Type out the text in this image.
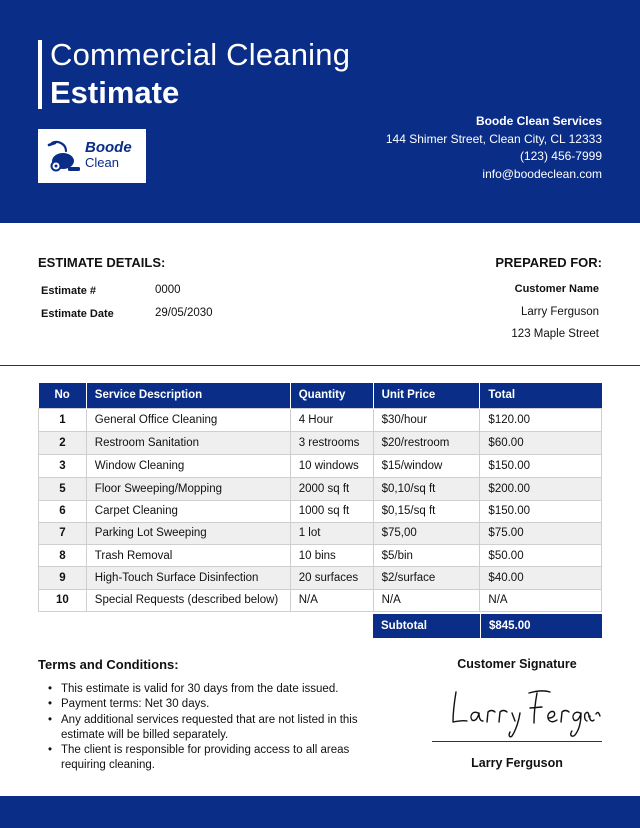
Commercial Cleaning
Estimate
Boode
Clean
Boode Clean Services
144 Shimer Street, Clean City, CL 12333
(123) 456-7999
info@boodeclean.com
ESTIMATE DETAILS:
Estimate #	0000
Estimate Date	29/05/2030
PREPARED FOR:
Customer Name
Larry Ferguson
123 Maple Street
No	Service Description	Quantity	Unit Price	Total
1	General Office Cleaning	4 Hour	$30/hour	$120.00
2	Restroom Sanitation	3 restrooms	$20/restroom	$60.00
3	Window Cleaning	10 windows	$15/window	$150.00
5	Floor Sweeping/Mopping	2000 sq ft	$0,10/sq ft	$200.00
6	Carpet Cleaning	1000 sq ft	$0,15/sq ft	$150.00
7	Parking Lot Sweeping	1 lot	$75,00	$75.00
8	Trash Removal	10 bins	$5/bin	$50.00
9	High-Touch Surface Disinfection	20 surfaces	$2/surface	$40.00
10	Special Requests (described below)	N/A	N/A	N/A
Subtotal	$845.00
Terms and Conditions:
• This estimate is valid for 30 days from the date issued.
• Payment terms: Net 30 days.
• Any additional services requested that are not listed in this estimate will be billed separately.
• The client is responsible for providing access to all areas requiring cleaning.
Customer Signature
Larry Ferguson
